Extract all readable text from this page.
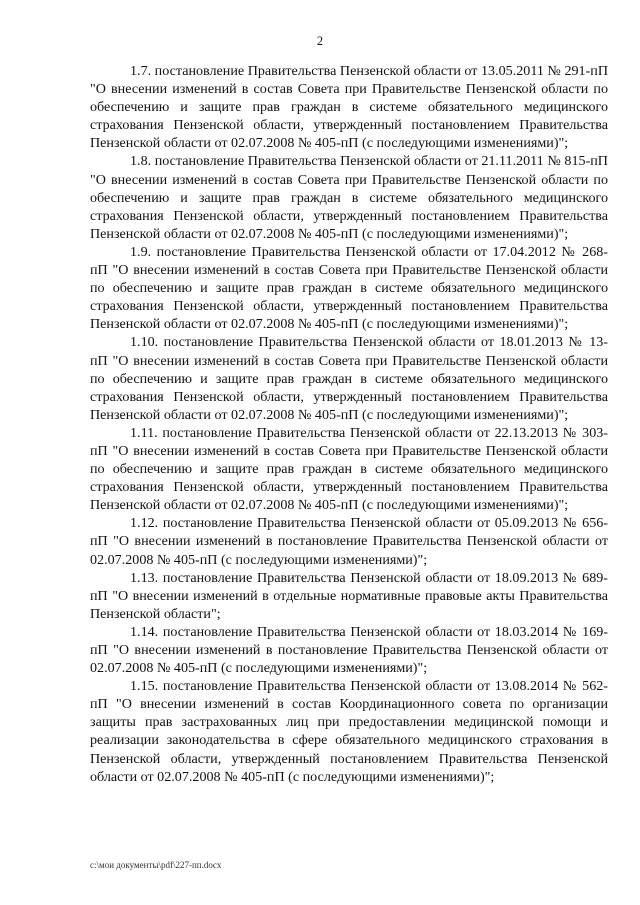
2

1.7. постановление Правительства Пензенской области от 13.05.2011 № 291-пП "О внесении изменений в состав Совета при Правительстве Пензенской области по обеспечению и защите прав граждан в системе обязательного медицинского страхования Пензенской области, утвержденный постановлением Правительства Пензенской области от 02.07.2008 № 405-пП (с последующими изменениями)";

1.8. постановление Правительства Пензенской области от 21.11.2011 № 815-пП "О внесении изменений в состав Совета при Правительстве Пензенской области по обеспечению и защите прав граждан в системе обязательного медицинского страхования Пензенской области, утвержденный постановлением Правительства Пензенской области от 02.07.2008 № 405-пП (с последующими изменениями)";

1.9. постановление Правительства Пензенской области от 17.04.2012 № 268-пП "О внесении изменений в состав Совета при Правительстве Пензенской области по обеспечению и защите прав граждан в системе обязательного медицинского страхования Пензенской области, утвержденный постановлением Правительства Пензенской области от 02.07.2008 № 405-пП (с последующими изменениями)";

1.10. постановление Правительства Пензенской области от 18.01.2013 № 13-пП "О внесении изменений в состав Совета при Правительстве Пензенской области по обеспечению и защите прав граждан в системе обязательного медицинского страхования Пензенской области, утвержденный постановлением Правительства Пензенской области от 02.07.2008 № 405-пП (с последующими изменениями)";

1.11. постановление Правительства Пензенской области от 22.13.2013 № 303-пП "О внесении изменений в состав Совета при Правительстве Пензенской области по обеспечению и защите прав граждан в системе обязательного медицинского страхования Пензенской области, утвержденный постановлением Правительства Пензенской области от 02.07.2008 № 405-пП (с последующими изменениями)";

1.12. постановление Правительства Пензенской области от 05.09.2013 № 656-пП "О внесении изменений в постановление Правительства Пензенской области от 02.07.2008 № 405-пП (с последующими изменениями)";

1.13. постановление Правительства Пензенской области от 18.09.2013 № 689-пП "О внесении изменений в отдельные нормативные правовые акты Правительства Пензенской области";

1.14. постановление Правительства Пензенской области от 18.03.2014 № 169-пП "О внесении изменений в постановление Правительства Пензенской области от 02.07.2008 № 405-пП (с последующими изменениями)";

1.15. постановление Правительства Пензенской области от 13.08.2014 № 562-пП "О внесении изменений в состав Координационного совета по организации защиты прав застрахованных лиц при предоставлении медицинской помощи и реализации законодательства в сфере обязательного медицинского страхования в Пензенской области, утвержденный постановлением Правительства Пензенской области от 02.07.2008 № 405-пП (с последующими изменениями)";

c:\мои документы\pdf\227-пп.docx
